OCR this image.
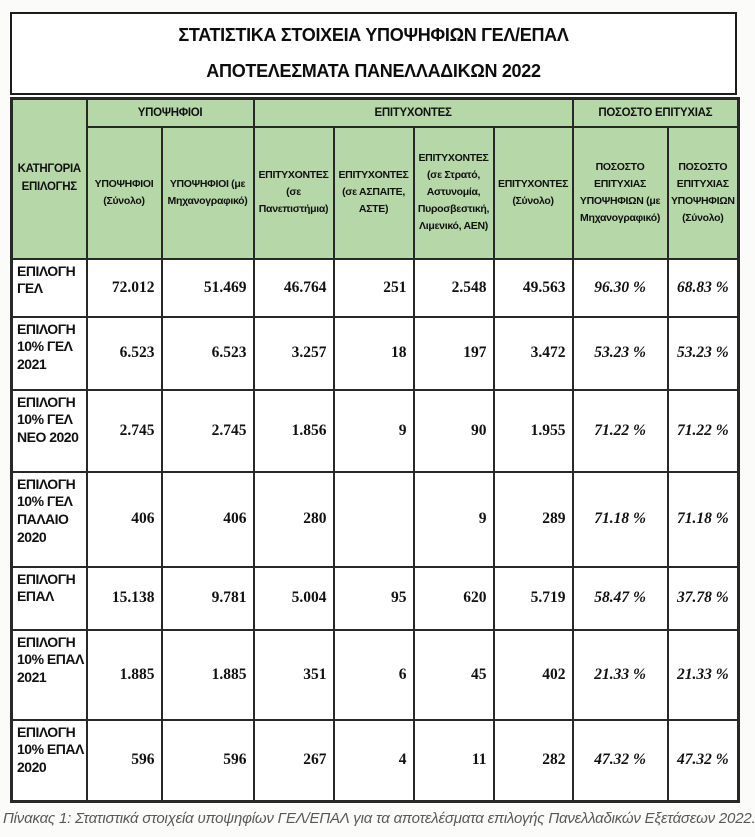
ΣΤΑΤΙΣΤΙΚΑ ΣΤΟΙΧΕΙΑ ΥΠΟΨΗΦΙΩΝ ΓΕΛ/ΕΠΑΛ
ΑΠΟΤΕΛΕΣΜΑΤΑ ΠΑΝΕΛΛΑΔΙΚΩΝ 2022
ΚΑΤΗΓΟΡΙΑ ΕΠΙΛΟΓΗΣ	ΥΠΟΨΗΦΙΟΙ		ΕΠΙΤΥΧΟΝΤΕΣ				ΠΟΣΟΣΤΟ ΕΠΙΤΥΧΙΑΣ	
	ΥΠΟΨΗΦΙΟΙ (Σύνολο)	ΥΠΟΨΗΦΙΟΙ (με Μηχανογραφικό)	ΕΠΙΤΥΧΟΝΤΕΣ (σε Πανεπιστήμια)	ΕΠΙΤΥΧΟΝΤΕΣ (σε ΑΣΠΑΙΤΕ, ΑΣΤΕ)	ΕΠΙΤΥΧΟΝΤΕΣ (σε Στρατό, Αστυνομία, Πυροσβεστική, Λιμενικό, ΑΕΝ)	ΕΠΙΤΥΧΟΝΤΕΣ (Σύνολο)	ΠΟΣΟΣΤΟ ΕΠΙΤΥΧΙΑΣ ΥΠΟΨΗΦΙΩΝ (με Μηχανογραφικό)	ΠΟΣΟΣΤΟ ΕΠΙΤΥΧΙΑΣ ΥΠΟΨΗΦΙΩΝ (Σύνολο)
ΕΠΙΛΟΓΗ ΓΕΛ	72.012	51.469	46.764	251	2.548	49.563	96.30 %	68.83 %
ΕΠΙΛΟΓΗ 10% ΓΕΛ 2021	6.523	6.523	3.257	18	197	3.472	53.23 %	53.23 %
ΕΠΙΛΟΓΗ 10% ΓΕΛ ΝΕΟ 2020	2.745	2.745	1.856	9	90	1.955	71.22 %	71.22 %
ΕΠΙΛΟΓΗ 10% ΓΕΛ ΠΑΛΑΙΟ 2020	406	406	280		9	289	71.18 %	71.18 %
ΕΠΙΛΟΓΗ ΕΠΑΛ	15.138	9.781	5.004	95	620	5.719	58.47 %	37.78 %
ΕΠΙΛΟΓΗ 10% ΕΠΑΛ 2021	1.885	1.885	351	6	45	402	21.33 %	21.33 %
ΕΠΙΛΟΓΗ 10% ΕΠΑΛ 2020	596	596	267	4	11	282	47.32 %	47.32 %
Πίνακας 1: Στατιστικά στοιχεία υποψηφίων ΓΕΛ/ΕΠΑΛ για τα αποτελέσματα επιλογής Πανελλαδικών Εξετάσεων 2022.
